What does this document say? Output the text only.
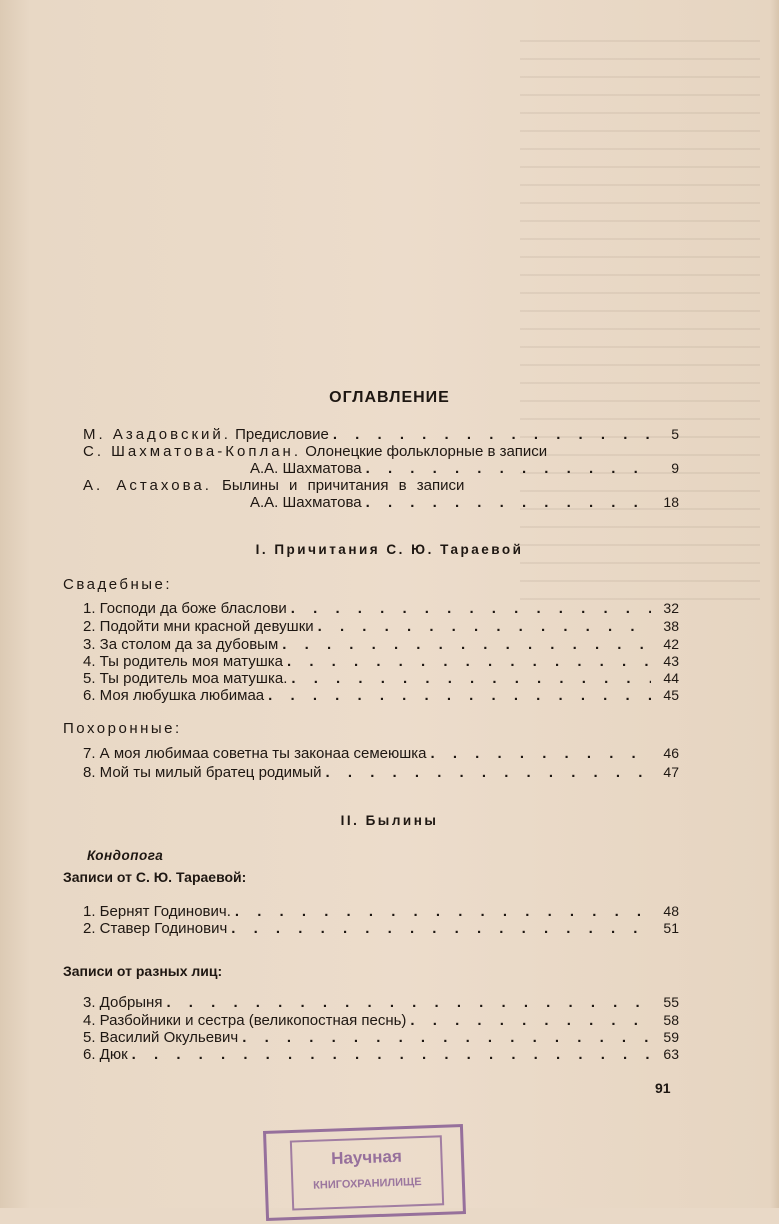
ОГЛАВЛЕНИЕ
М. Азадовский. Предисловие . . .	5
С. Шахматова-Коплан. Олонецкие фольклорные в записи
А.А. Шахматова . . .	9
А. Астахова. Былины и причитания в записи
А.А. Шахматова . . .	18
I. Причитания С. Ю. Тараевой
Свадебные:
1. Господи да боже бласлови . . .	32
2. Подойти мни красной девушки . . .	38
3. За столом да за дубовым . . .	42
4. Ты родитель моя матушка . . .	43
5. Ты родитель моа матушка. . . .	44
6. Моя любушка любимаа . . .	45
Похоронные:
7. А моя любимаа советна ты законаа семеюшка . . .	46
8. Мой ты милый братец родимый . . .	47
II. Былины
Кондопога
Записи от С. Ю. Тараевой:
1. Бернят Годинович. . . .	48
2. Ставер Годинович . . .	51
Записи от разных лиц:
3. Добрыня . . .	55
4. Разбойники и сестра (великопостная песнь) . . .	58
5. Василий Окульевич . . .	59
6. Дюк . . .	63
91
Научная
КНИГОХРАНИЛИЩЕ
